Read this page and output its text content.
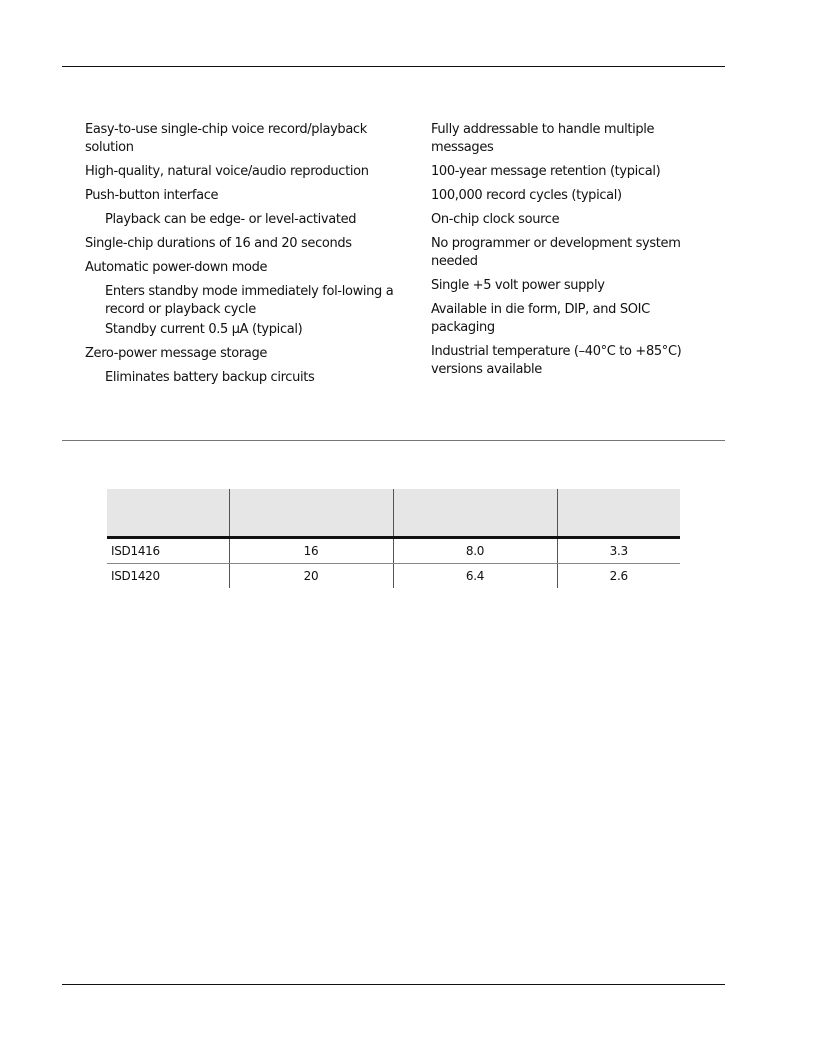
Easy-to-use single-chip voice record/playback solution

High-quality, natural voice/audio reproduction

Push-button interface

Playback can be edge- or level-activated

Single-chip durations of 16 and 20 seconds

Automatic power-down mode

Enters standby mode immediately fol-lowing a record or playback cycle

Standby current 0.5 µA (typical)

Zero-power message storage

Eliminates battery backup circuits

Fully addressable to handle multiple messages

100-year message retention (typical)

100,000 record cycles (typical)

On-chip clock source

No programmer or development system needed

Single +5 volt power supply

Available in die form, DIP, and SOIC packaging

Industrial temperature (–40°C to +85°C) versions available

ISD1416	16	8.0	3.3
ISD1420	20	6.4	2.6
